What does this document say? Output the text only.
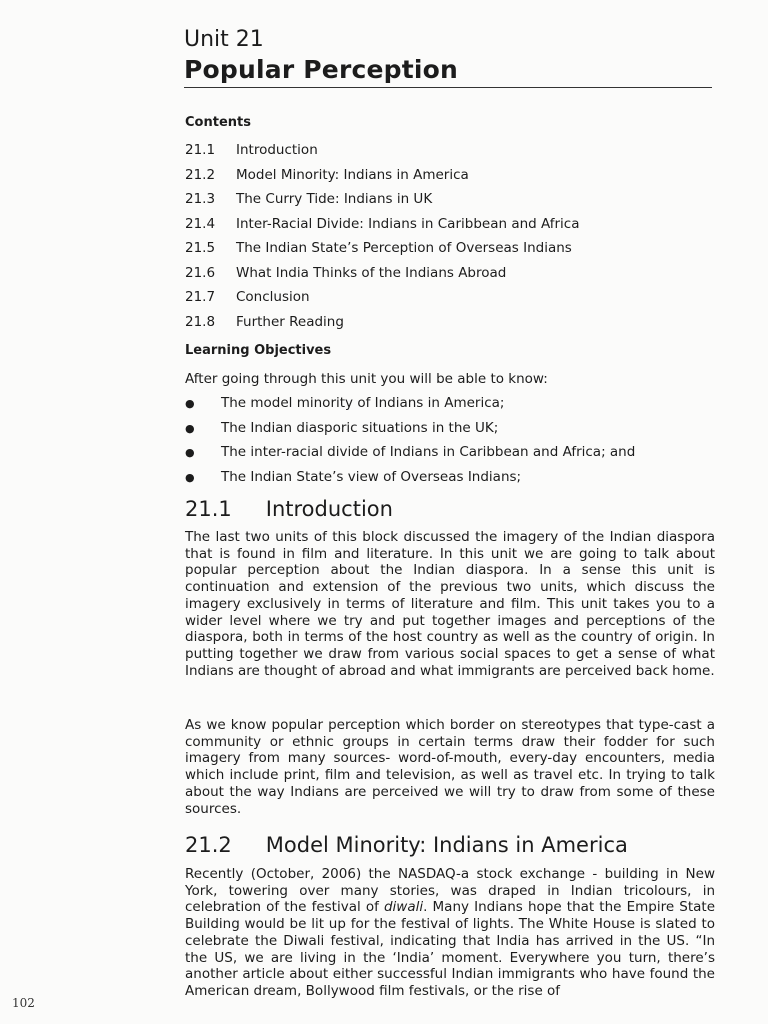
Unit 21
Popular Perception
Contents
21.1 Introduction
21.2 Model Minority: Indians in America
21.3 The Curry Tide: Indians in UK
21.4 Inter-Racial Divide: Indians in Caribbean and Africa
21.5 The Indian State’s Perception of Overseas Indians
21.6 What India Thinks of the Indians Abroad
21.7 Conclusion
21.8 Further Reading
Learning Objectives
After going through this unit you will be able to know:
● The model minority of Indians in America;
● The Indian diasporic situations in the UK;
● The inter-racial divide of Indians in Caribbean and Africa; and
● The Indian State’s view of Overseas Indians;
21.1 Introduction

The last two units of this block discussed the imagery of the Indian diaspora that is found in film and literature. In this unit we are going to talk about popular perception about the Indian diaspora. In a sense this unit is continuation and extension of the previous two units, which discuss the imagery exclusively in terms of literature and film. This unit takes you to a wider level where we try and put together images and perceptions of the diaspora, both in terms of the host country as well as the country of origin. In putting together we draw from various social spaces to get a sense of what Indians are thought of abroad and what immigrants are perceived back home.

As we know popular perception which border on stereotypes that type-cast a community or ethnic groups in certain terms draw their fodder for such imagery from many sources- word-of-mouth, every-day encounters, media which include print, film and television, as well as travel etc. In trying to talk about the way Indians are perceived we will try to draw from some of these sources.

21.2 Model Minority: Indians in America

Recently (October, 2006) the NASDAQ-a stock exchange - building in New York, towering over many stories, was draped in Indian tricolours, in celebration of the festival of diwali. Many Indians hope that the Empire State Building would be lit up for the festival of lights. The White House is slated to celebrate the Diwali festival, indicating that India has arrived in the US. “In the US, we are living in the ‘India’ moment. Everywhere you turn, there’s another article about either successful Indian immigrants who have found the American dream, Bollywood film festivals, or the rise of

102
